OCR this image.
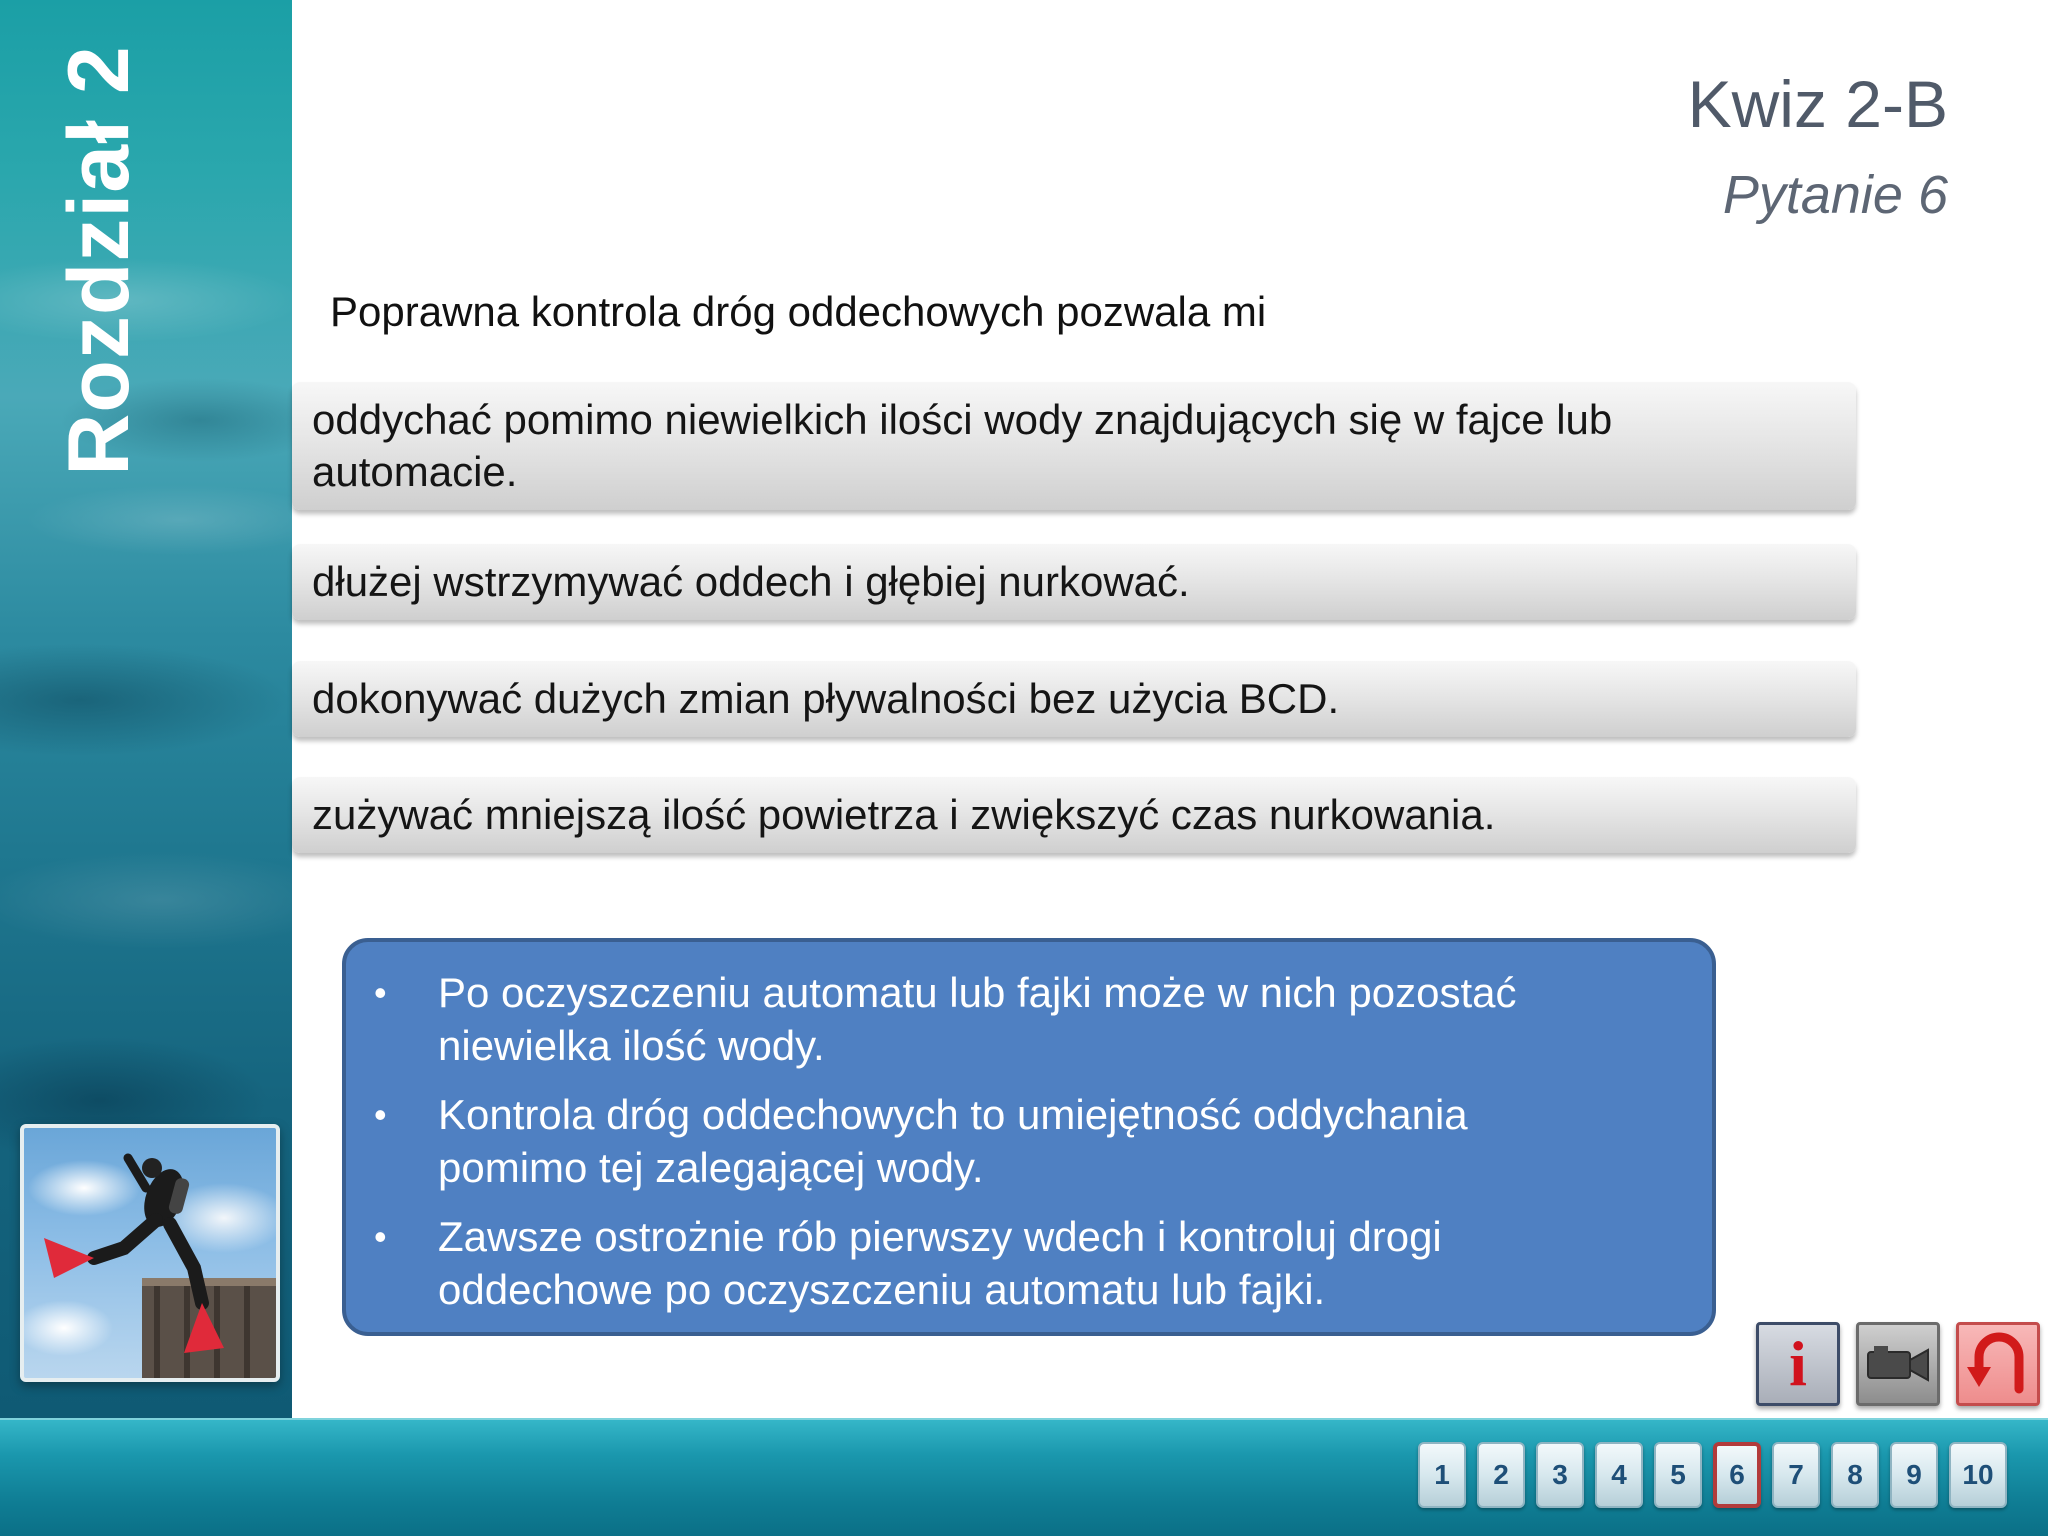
Rozdział 2	Kwiz 2-B
Pytanie 6
Poprawna kontrola dróg oddechowych pozwala mi
oddychać pomimo niewielkich ilości wody znajdujących się w fajce lub
automacie.
dłużej wstrzymywać oddech i głębiej nurkować.
dokonywać dużych zmian pływalności bez użycia BCD.
zużywać mniejszą ilość powietrza i zwiększyć czas nurkowania.
• Po oczyszczeniu automatu lub fajki może w nich pozostać
niewielka ilość wody.
• Kontrola dróg oddechowych to umiejętność oddychania
pomimo tej zalegającej wody.
• Zawsze ostrożnie rób pierwszy wdech i kontroluj drogi
oddechowe po oczyszczeniu automatu lub fajki.
i
1	2	3	4	5	6	7	8	9	10
